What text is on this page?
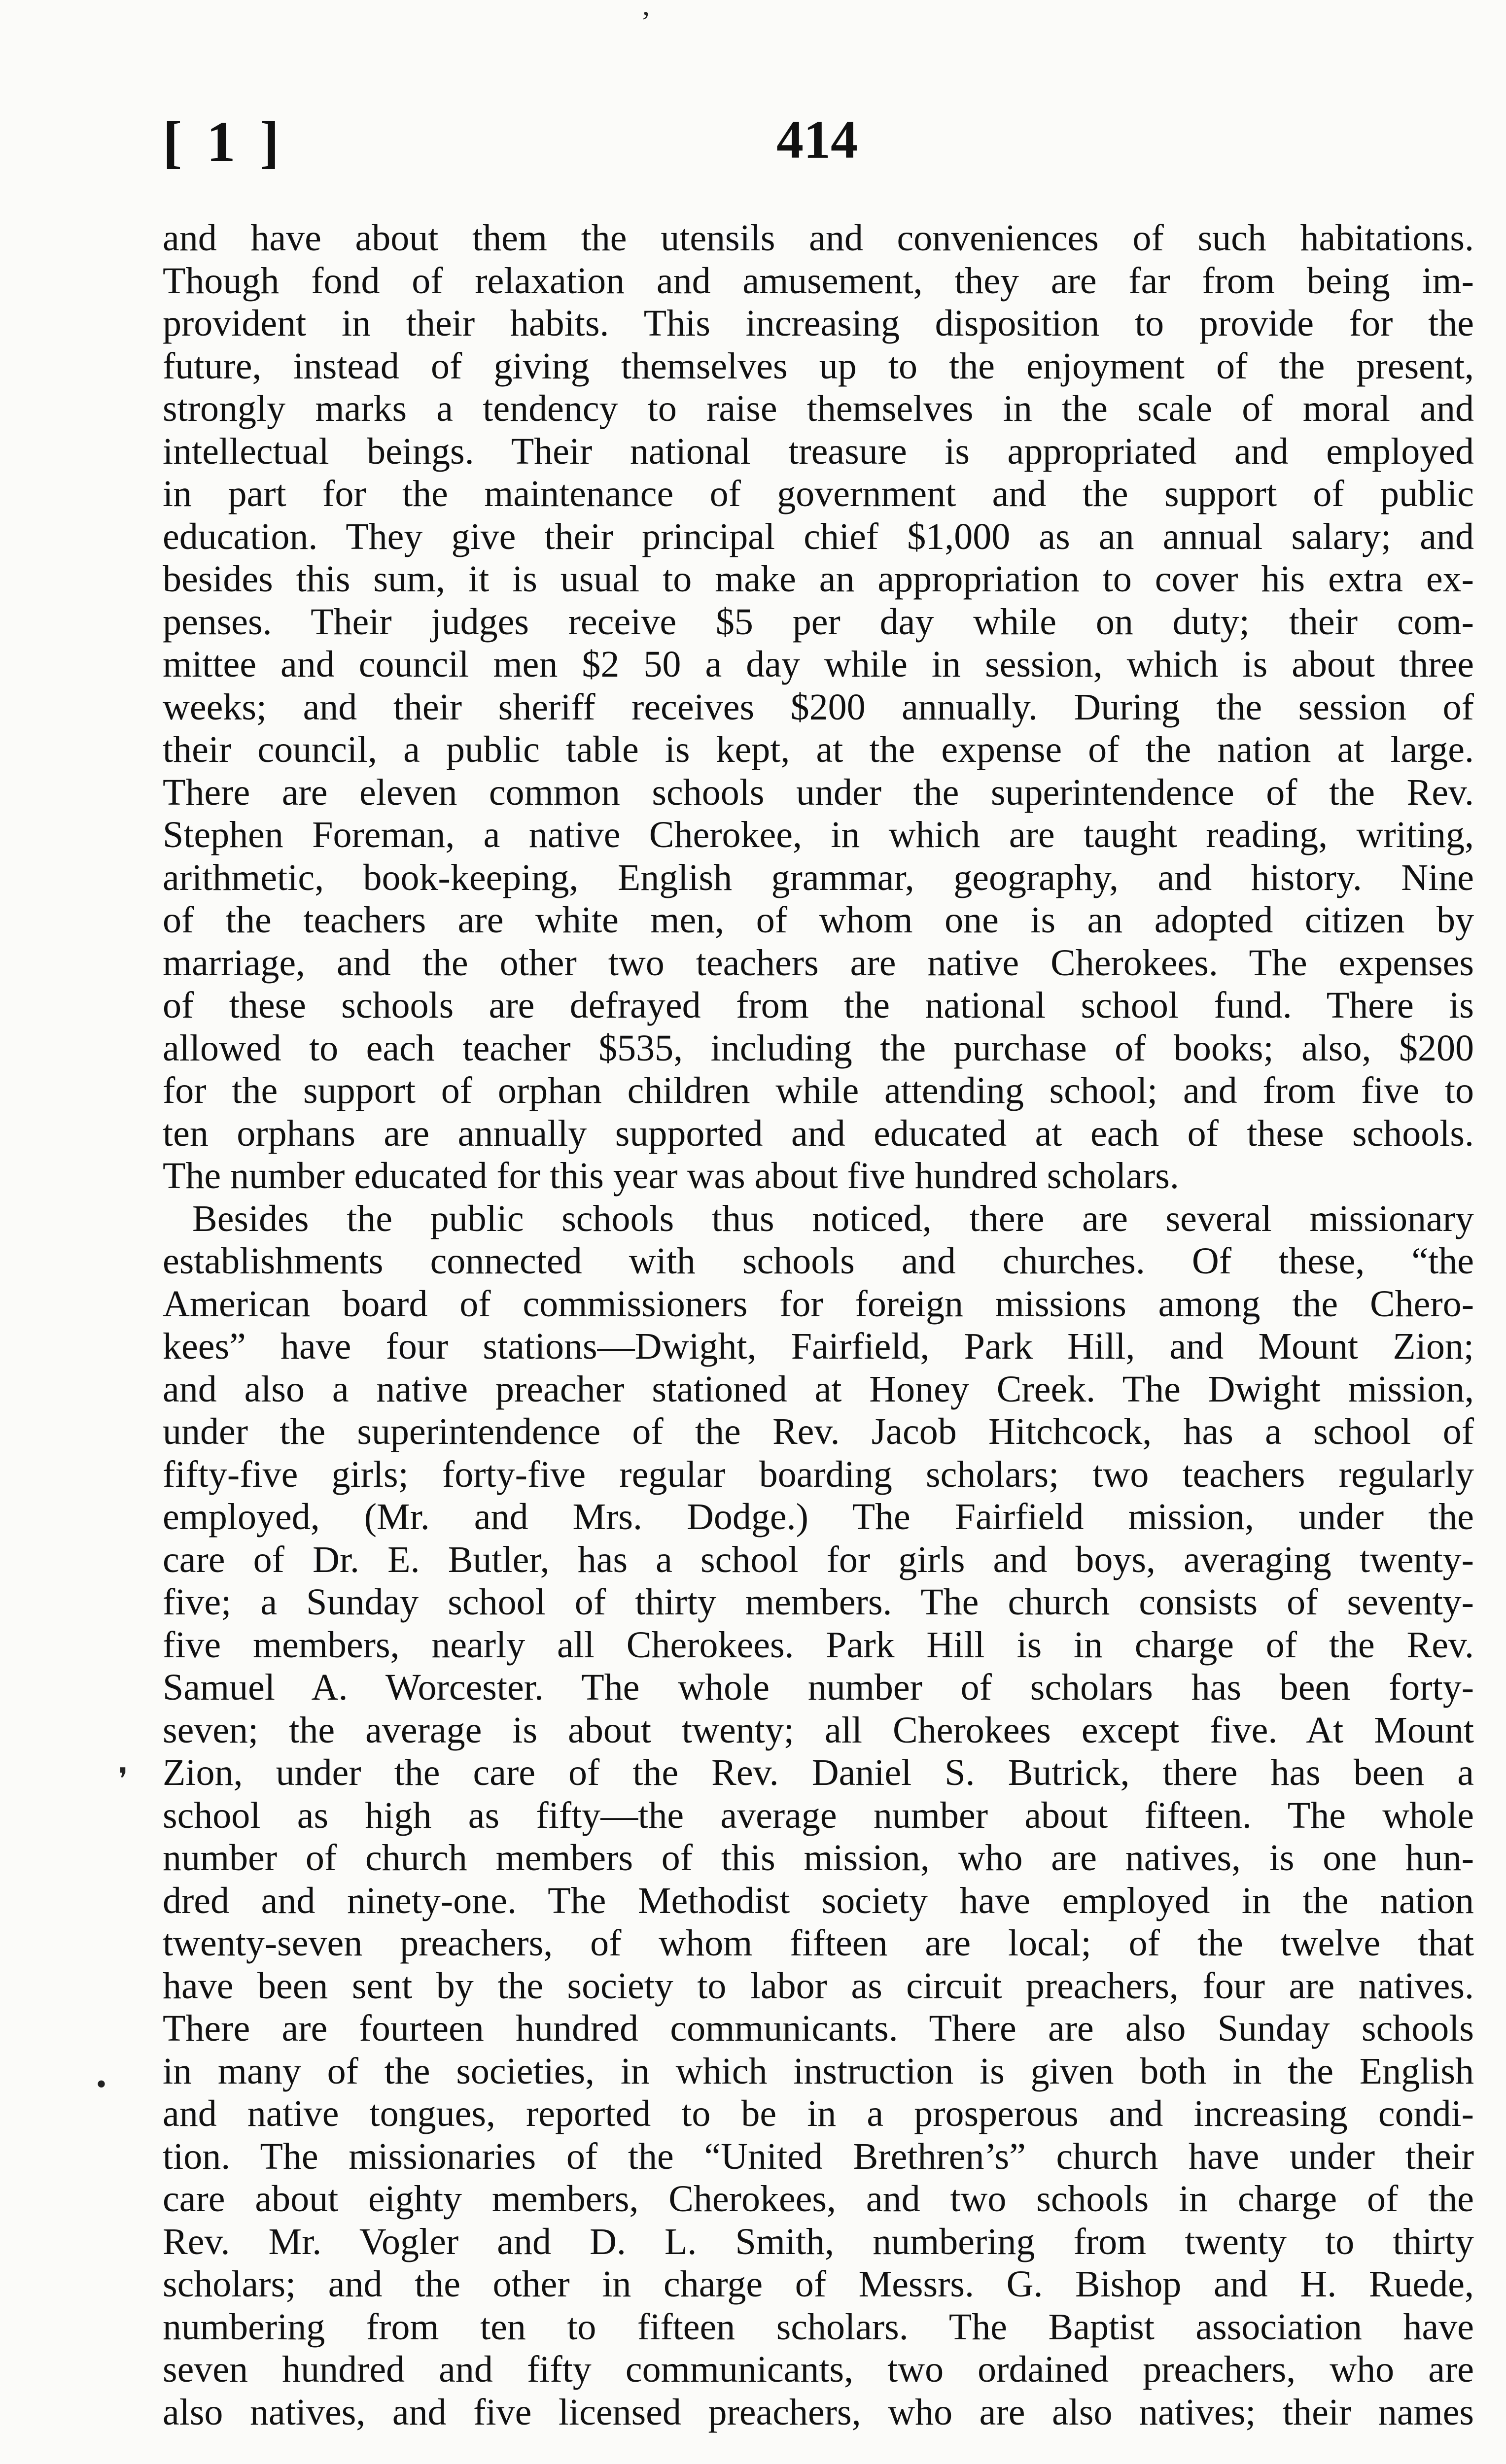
ʼ
❜
•
[ 1 ]	414
and have about them the utensils and conveniences of such habitations.
Though fond of relaxation and amusement, they are far from being im-
provident in their habits. This increasing disposition to provide for the
future, instead of giving themselves up to the enjoyment of the present,
strongly marks a tendency to raise themselves in the scale of moral and
intellectual beings. Their national treasure is appropriated and employed
in part for the maintenance of government and the support of public
education. They give their principal chief $1,000 as an annual salary; and
besides this sum, it is usual to make an appropriation to cover his extra ex-
penses. Their judges receive $5 per day while on duty; their com-
mittee and council men $2 50 a day while in session, which is about three
weeks; and their sheriff receives $200 annually. During the session of
their council, a public table is kept, at the expense of the nation at large.
There are eleven common schools under the superintendence of the Rev.
Stephen Foreman, a native Cherokee, in which are taught reading, writing,
arithmetic, book-keeping, English grammar, geography, and history. Nine
of the teachers are white men, of whom one is an adopted citizen by
marriage, and the other two teachers are native Cherokees. The expenses
of these schools are defrayed from the national school fund. There is
allowed to each teacher $535, including the purchase of books; also, $200
for the support of orphan children while attending school; and from five to
ten orphans are annually supported and educated at each of these schools.
The number educated for this year was about five hundred scholars.
Besides the public schools thus noticed, there are several missionary
establishments connected with schools and churches. Of these, “the
American board of commissioners for foreign missions among the Chero-
kees” have four stations—Dwight, Fairfield, Park Hill, and Mount Zion;
and also a native preacher stationed at Honey Creek. The Dwight mission,
under the superintendence of the Rev. Jacob Hitchcock, has a school of
fifty-five girls; forty-five regular boarding scholars; two teachers regularly
employed, (Mr. and Mrs. Dodge.) The Fairfield mission, under the
care of Dr. E. Butler, has a school for girls and boys, averaging twenty-
five; a Sunday school of thirty members. The church consists of seventy-
five members, nearly all Cherokees. Park Hill is in charge of the Rev.
Samuel A. Worcester. The whole number of scholars has been forty-
seven; the average is about twenty; all Cherokees except five. At Mount
Zion, under the care of the Rev. Daniel S. Butrick, there has been a
school as high as fifty—the average number about fifteen. The whole
number of church members of this mission, who are natives, is one hun-
dred and ninety-one. The Methodist society have employed in the nation
twenty-seven preachers, of whom fifteen are local; of the twelve that
have been sent by the society to labor as circuit preachers, four are natives.
There are fourteen hundred communicants. There are also Sunday schools
in many of the societies, in which instruction is given both in the English
and native tongues, reported to be in a prosperous and increasing condi-
tion. The missionaries of the “United Brethren’s” church have under their
care about eighty members, Cherokees, and two schools in charge of the
Rev. Mr. Vogler and D. L. Smith, numbering from twenty to thirty
scholars; and the other in charge of Messrs. G. Bishop and H. Ruede,
numbering from ten to fifteen scholars. The Baptist association have
seven hundred and fifty communicants, two ordained preachers, who are
also natives, and five licensed preachers, who are also natives; their names
